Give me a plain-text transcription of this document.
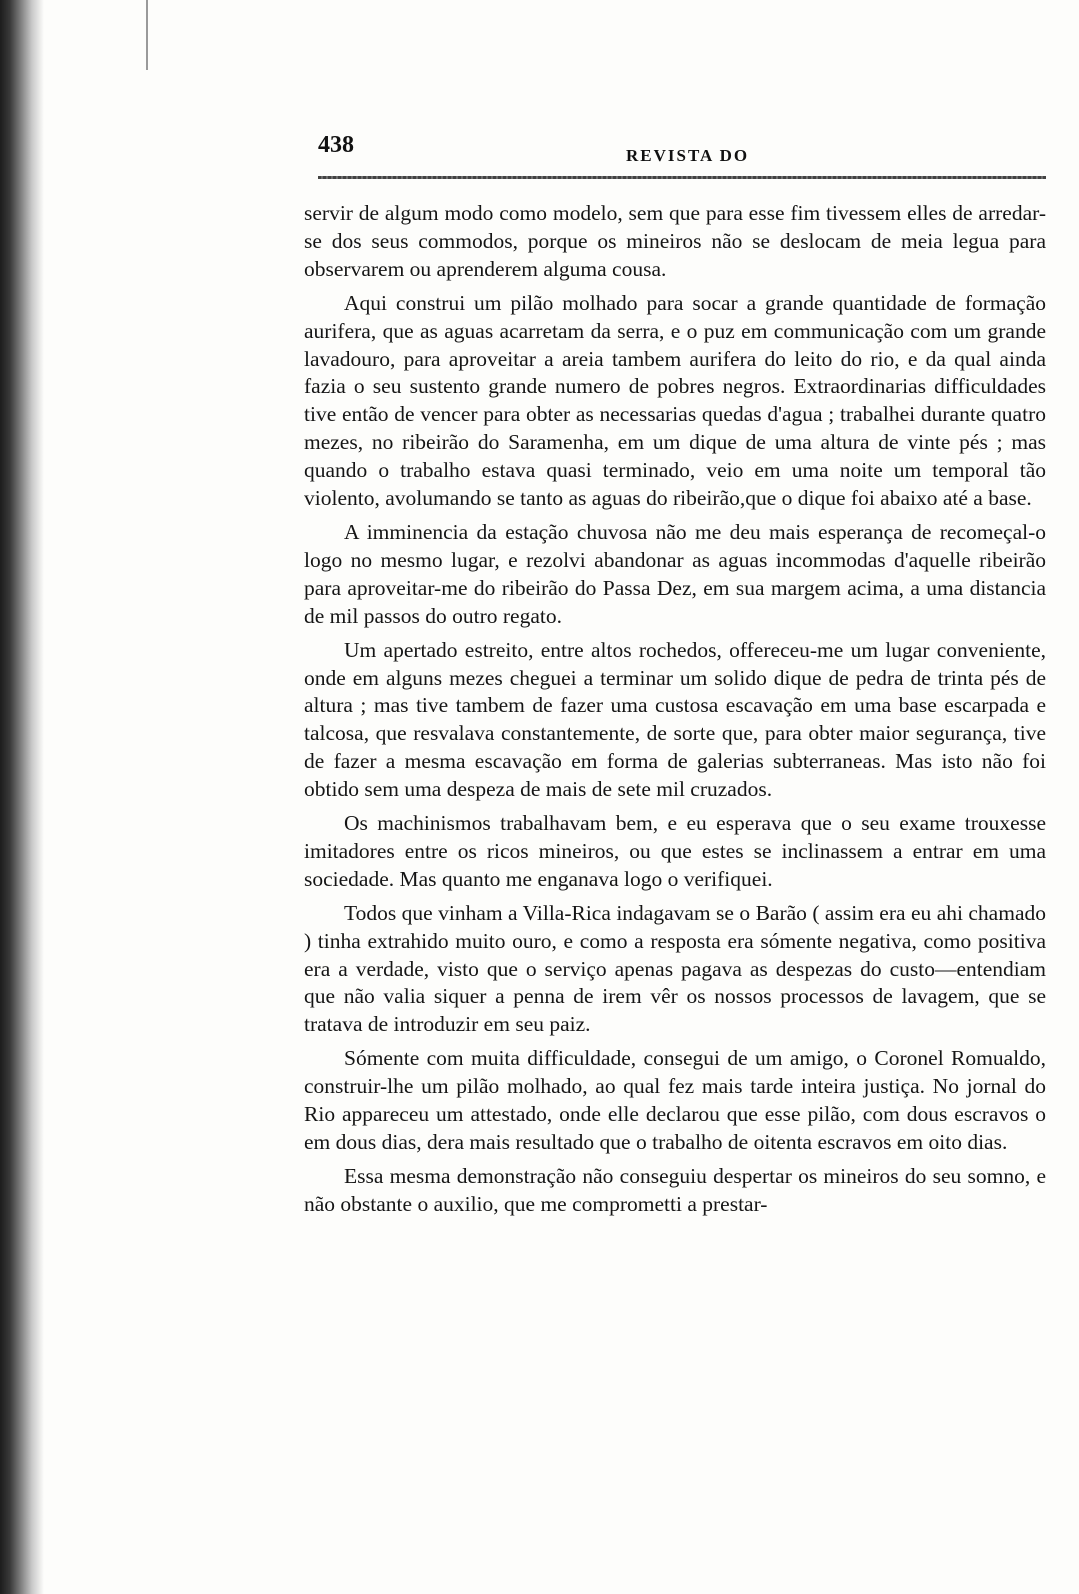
438	REVISTA DO

servir de algum modo como modelo, sem que para esse fim tivessem elles de arredar-se dos seus commodos, porque os mineiros não se deslocam de meia legua para observarem ou aprenderem alguma cousa.

Aqui construi um pilão molhado para socar a grande quantidade de formação aurifera, que as aguas acarretam da serra, e o puz em communicação com um grande lavadouro, para aproveitar a areia tambem aurifera do leito do rio, e da qual ainda fazia o seu sustento grande numero de pobres negros. Extraordinarias difficuldades tive então de vencer para obter as necessarias quedas d'agua ; trabalhei durante quatro mezes, no ribeirão do Saramenha, em um dique de uma altura de vinte pés ; mas quando o trabalho estava quasi terminado, veio em uma noite um temporal tão violento, avolumando se tanto as aguas do ribeirão,que o dique foi abaixo até a base.

A imminencia da estação chuvosa não me deu mais esperança de recomeçal-o logo no mesmo lugar, e rezolvi abandonar as aguas incommodas d'aquelle ribeirão para aproveitar-me do ribeirão do Passa Dez, em sua margem acima, a uma distancia de mil passos do outro regato.

Um apertado estreito, entre altos rochedos, offereceu-me um lugar conveniente, onde em alguns mezes cheguei a terminar um solido dique de pedra de trinta pés de altura ; mas tive tambem de fazer uma custosa escavação em uma base escarpada e talcosa, que resvalava constantemente, de sorte que, para obter maior segurança, tive de fazer a mesma escavação em forma de galerias subterraneas. Mas isto não foi obtido sem uma despeza de mais de sete mil cruzados.

Os machinismos trabalhavam bem, e eu esperava que o seu exame trouxesse imitadores entre os ricos mineiros, ou que estes se inclinassem a entrar em uma sociedade. Mas quanto me enganava logo o verifiquei.

Todos que vinham a Villa-Rica indagavam se o Barão ( assim era eu ahi chamado ) tinha extrahido muito ouro, e como a resposta era sómente negativa, como positiva era a verdade, visto que o serviço apenas pagava as despezas do custo—entendiam que não valia siquer a penna de irem vêr os nossos processos de lavagem, que se tratava de introduzir em seu paiz.

Sómente com muita difficuldade, consegui de um amigo, o Coronel Romualdo, construir-lhe um pilão molhado, ao qual fez mais tarde inteira justiça. No jornal do Rio appareceu um attestado, onde elle declarou que esse pilão, com dous escravos o em dous dias, dera mais resultado que o trabalho de oitenta escravos em oito dias.

Essa mesma demonstração não conseguiu despertar os mineiros do seu somno, e não obstante o auxilio, que me comprometti a prestar-
